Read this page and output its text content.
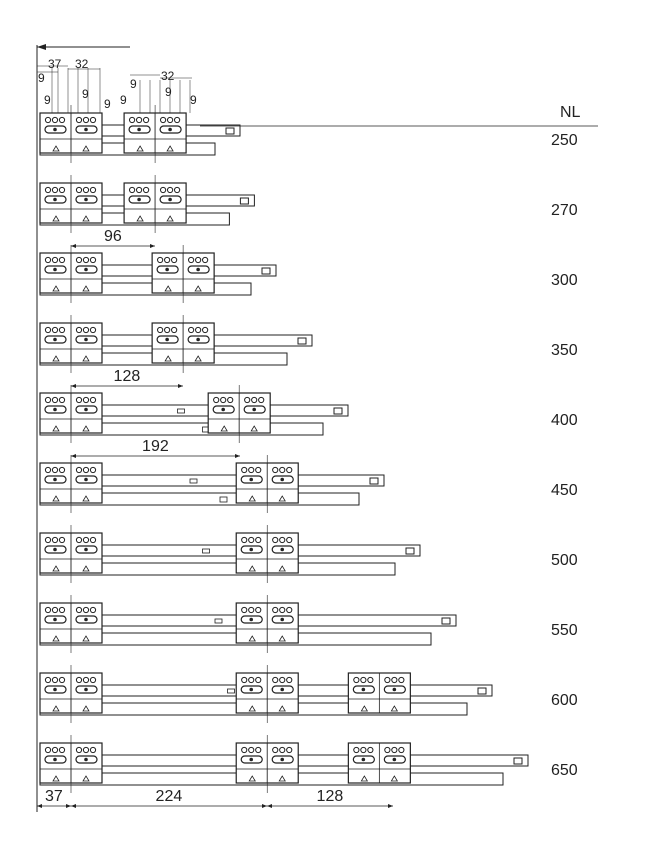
NL
250
270
300
350
400
450
500
550
600
650
37 32
9
9	9
9
32
9
9
9
9
96
128
192
37	224	128
